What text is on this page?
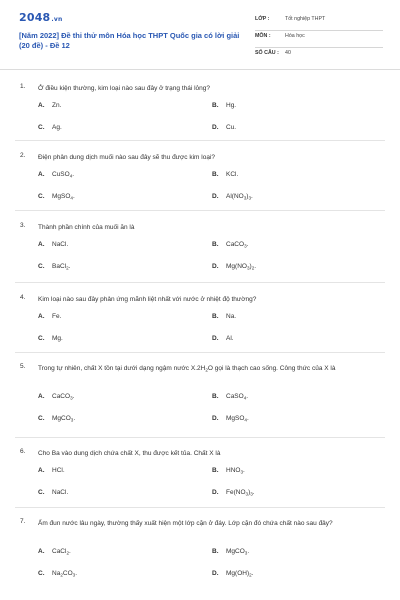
2048.vn
[Năm 2022] Đề thi thử môn Hóa học THPT Quốc gia có lời giải (20 đề) - Đề 12
LỚP :	Tốt nghiệp THPT
MÔN :	Hóa học
SỐ CÂU : 40
1. Ở điều kiện thường, kim loại nào sau đây ở trạng thái lỏng?
A. Zn.	B. Hg.
C. Ag.	D. Cu.
2. Điện phân dung dịch muối nào sau đây sẽ thu được kim loại?
A. CuSO$_4$.	B. KCl.
C. MgSO$_4$.	D. $Al(NO_3)_3$.
3. Thành phần chính của muối ăn là
A. NaCl.	B. CaCO$_3$.
C. BaCl$_2$.	D. $Mg(NO_3)_2$.
4. Kim loại nào sau đây phản ứng mãnh liệt nhất với nước ở nhiệt độ thường?
A. Fe.	B. Na.
C. Mg.	D. Al.
5. Trong tự nhiên, chất X tồn tại dưới dạng ngậm nước $X.2H_2O$ gọi là thạch cao sống. Công thức của X là
A. CaCO$_3$.	B. CaSO$_4$.
C. MgCO$_3$.	D. MgSO$_4$.
6. Cho Ba vào dung dịch chứa chất X, thu được kết tủa. Chất X là
A. HCl.	B. $HNO_3$.
C. NaCl.	D. $Fe(NO_3)_3$.
7. Ấm đun nước lâu ngày, thường thấy xuất hiện một lớp cặn ở đáy. Lớp cặn đó chứa chất nào sau đây?
A. CaCl$_2$.	B. MgCO$_3$.
C. $Na_2CO_3$.	D. $Mg(OH)_2$.
